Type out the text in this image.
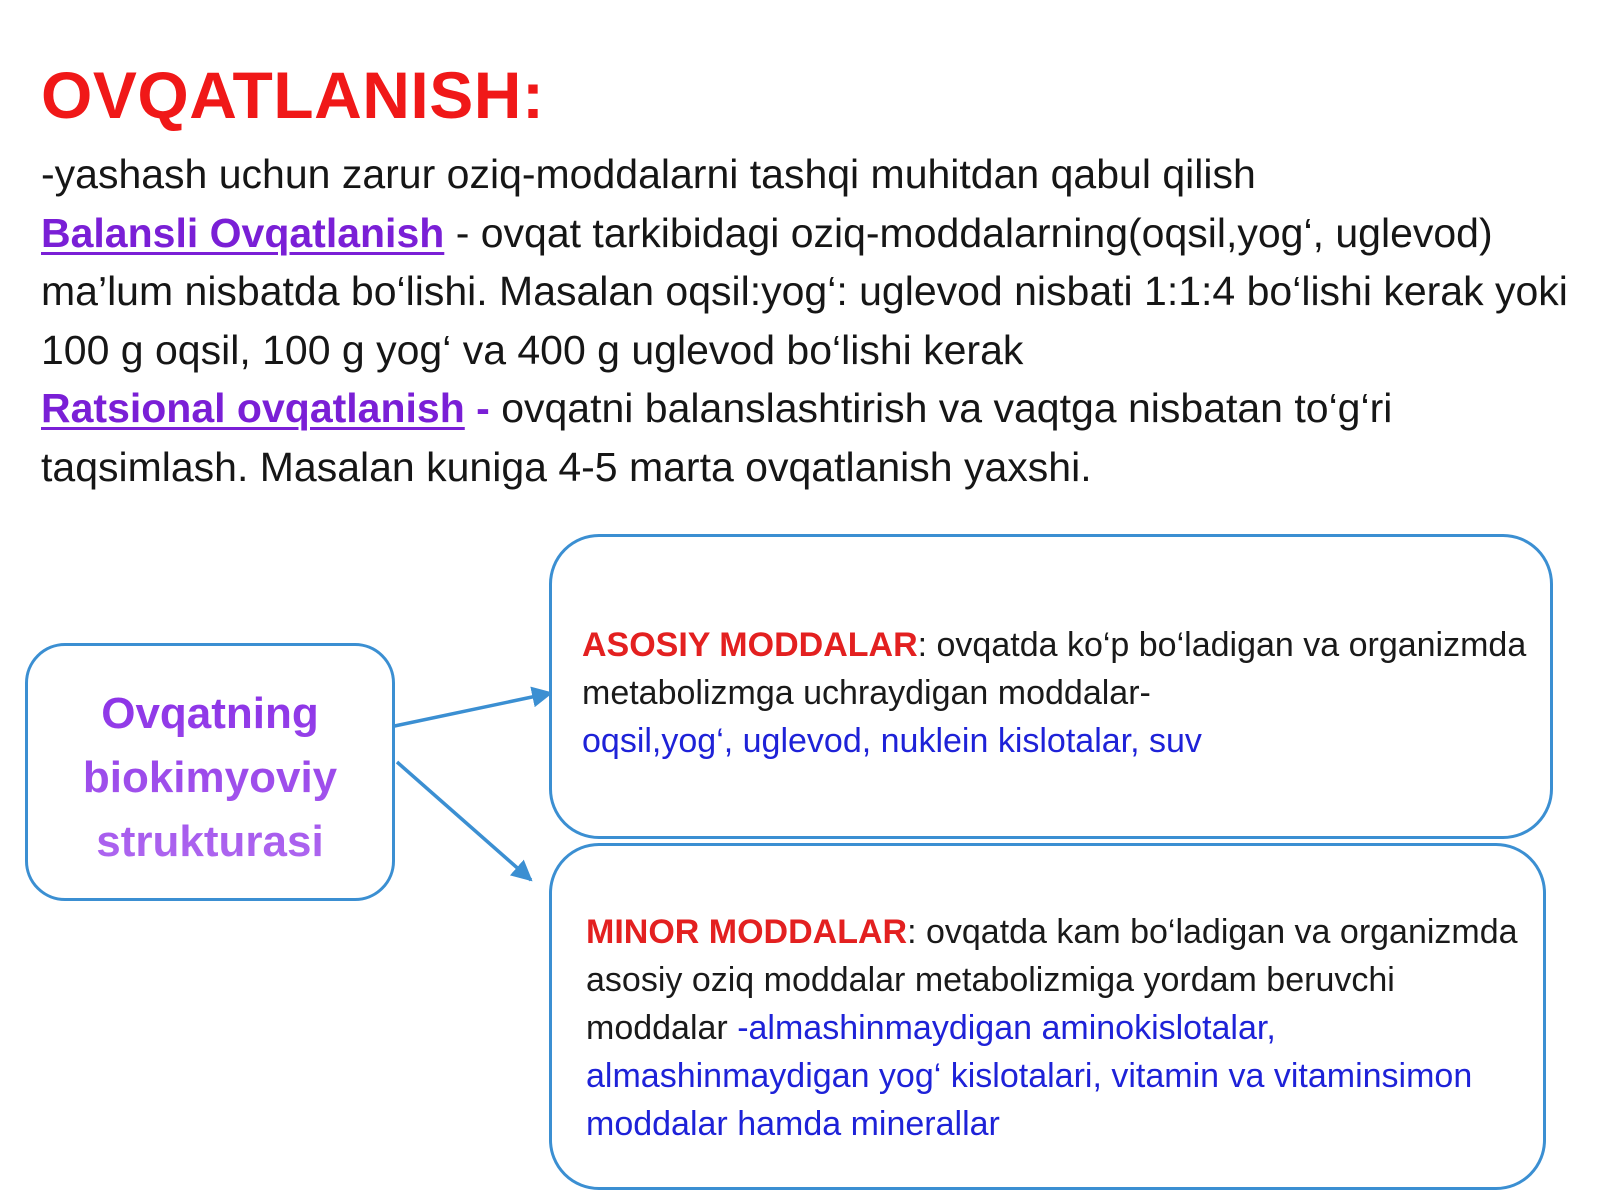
OVQATLANISH:

-yashash uchun zarur oziq-moddalarni tashqi muhitdan qabul qilish

Balansli Ovqatlanish - ovqat tarkibidagi oziq-moddalarning(oqsil,yog‘, uglevod) ma’lum nisbatda bo‘lishi. Masalan oqsil:yog‘: uglevod nisbati 1:1:4 bo‘lishi kerak yoki 100 g oqsil, 100 g yog‘ va 400 g uglevod bo‘lishi kerak

Ratsional ovqatlanish - ovqatni balanslashtirish va vaqtga nisbatan to‘g‘ri taqsimlash. Masalan kuniga 4-5 marta ovqatlanish yaxshi.

Ovqatning
biokimyoviy
strukturasi
ASOSIY MODDALAR: ovqatda ko‘p bo‘ladigan va organizmda metabolizmga uchraydigan moddalar-
oqsil,yog‘, uglevod, nuklein kislotalar, suv
MINOR MODDALAR: ovqatda kam bo‘ladigan va organizmda asosiy oziq moddalar metabolizmiga yordam beruvchi moddalar -almashinmaydigan aminokislotalar, almashinmaydigan yog‘ kislotalari, vitamin va vitaminsimon moddalar hamda minerallar
